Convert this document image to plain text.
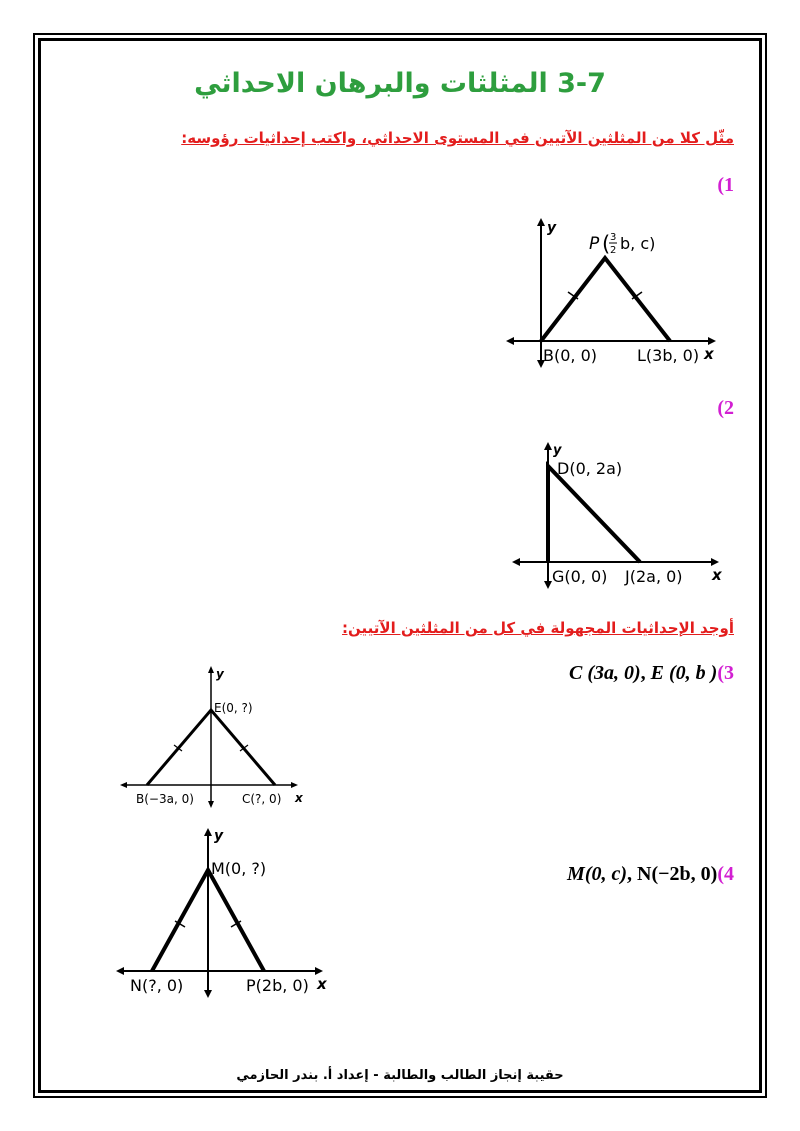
3-7 المثلثات والبرهان الاحداثي
مثّل كلا من المثلثين الآتيين في المستوى الاحداثي، واكتب إحداثيات رؤوسه:
(1
y
x
P ( 3
2 b, c)
B(0, 0)	L(3b, 0)
(2
y
x
D(0, 2a)
G(0, 0) J(2a, 0)
أوجد الإحداثيات المجهولة في كل من المثلثين الآتيين:
C (3a, 0), E (0, b )(3
y
x
E(0, ?)
B(−3a, 0)	C(?, 0)
M(0, c), N(−2b, 0)(4
y
x
M(0, ?)
N(?, 0)	P(2b, 0)
حقيبة إنجاز الطالب والطالبة - إعداد أ. بندر الحازمي
